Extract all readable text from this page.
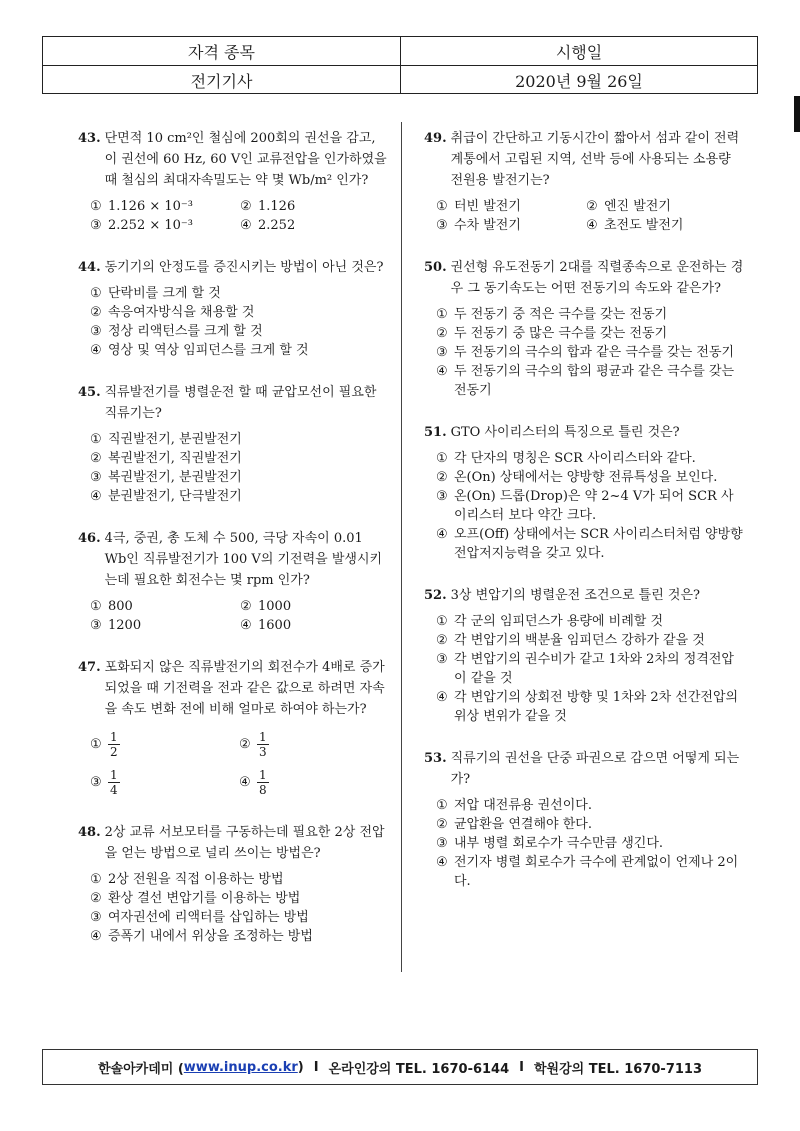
자격 종목	시행일
전기기사	2020년 9월 26일
43. 단면적 10 cm²인 철심에 200회의 권선을 감고, 이 권선에 60 Hz, 60 V인 교류전압을 인가하였을 때 철심의 최대자속밀도는 약 몇 Wb/m² 인가?
① 1.126 × 10⁻³	② 1.126
③ 2.252 × 10⁻³	④ 2.252
44. 동기기의 안정도를 증진시키는 방법이 아닌 것은?
① 단락비를 크게 할 것
② 속응여자방식을 채용할 것
③ 정상 리액턴스를 크게 할 것
④ 영상 및 역상 임피던스를 크게 할 것
45. 직류발전기를 병렬운전 할 때 균압모선이 필요한 직류기는?
① 직권발전기, 분권발전기
② 복권발전기, 직권발전기
③ 복권발전기, 분권발전기
④ 분권발전기, 단극발전기
46. 4극, 중권, 총 도체 수 500, 극당 자속이 0.01 Wb인 직류발전기가 100 V의 기전력을 발생시키는데 필요한 회전수는 몇 rpm 인가?
① 800	② 1000
③ 1200	④ 1600
47. 포화되지 않은 직류발전기의 회전수가 4배로 증가되었을 때 기전력을 전과 같은 값으로 하려면 자속을 속도 변화 전에 비해 얼마로 하여야 하는가?
① $\frac{1}{2}$	② $\frac{1}{3}$
③ $\frac{1}{4}$	④ $\frac{1}{8}$
48. 2상 교류 서보모터를 구동하는데 필요한 2상 전압을 얻는 방법으로 널리 쓰이는 방법은?
① 2상 전원을 직접 이용하는 방법
② 환상 결선 변압기를 이용하는 방법
③ 여자권선에 리액터를 삽입하는 방법
④ 증폭기 내에서 위상을 조정하는 방법
49. 취급이 간단하고 기동시간이 짧아서 섬과 같이 전력계통에서 고립된 지역, 선박 등에 사용되는 소용량 전원용 발전기는?
① 터빈 발전기	② 엔진 발전기
③ 수차 발전기	④ 초전도 발전기
50. 권선형 유도전동기 2대를 직렬종속으로 운전하는 경우 그 동기속도는 어떤 전동기의 속도와 같은가?
① 두 전동기 중 적은 극수를 갖는 전동기
② 두 전동기 중 많은 극수를 갖는 전동기
③ 두 전동기의 극수의 합과 같은 극수를 갖는 전동기
④ 두 전동기의 극수의 합의 평균과 같은 극수를 갖는 전동기
51. GTO 사이리스터의 특징으로 틀린 것은?
① 각 단자의 명칭은 SCR 사이리스터와 같다.
② 온(On) 상태에서는 양방향 전류특성을 보인다.
③ 온(On) 드롭(Drop)은 약 2~4 V가 되어 SCR 사이리스터 보다 약간 크다.
④ 오프(Off) 상태에서는 SCR 사이리스터처럼 양방향 전압저지능력을 갖고 있다.
52. 3상 변압기의 병렬운전 조건으로 틀린 것은?
① 각 군의 임피던스가 용량에 비례할 것
② 각 변압기의 백분율 임피던스 강하가 같을 것
③ 각 변압기의 권수비가 같고 1차와 2차의 정격전압이 같을 것
④ 각 변압기의 상회전 방향 및 1차와 2차 선간전압의 위상 변위가 같을 것
53. 직류기의 권선을 단중 파권으로 감으면 어떻게 되는가?
① 저압 대전류용 권선이다.
② 균압환을 연결해야 한다.
③ 내부 병렬 회로수가 극수만큼 생긴다.
④ 전기자 병렬 회로수가 극수에 관계없이 언제나 2이다.
한솔아카데미 ( www.inup.co.kr ) I 온라인강의 TEL. 1670-6144 I 학원강의 TEL. 1670-7113
